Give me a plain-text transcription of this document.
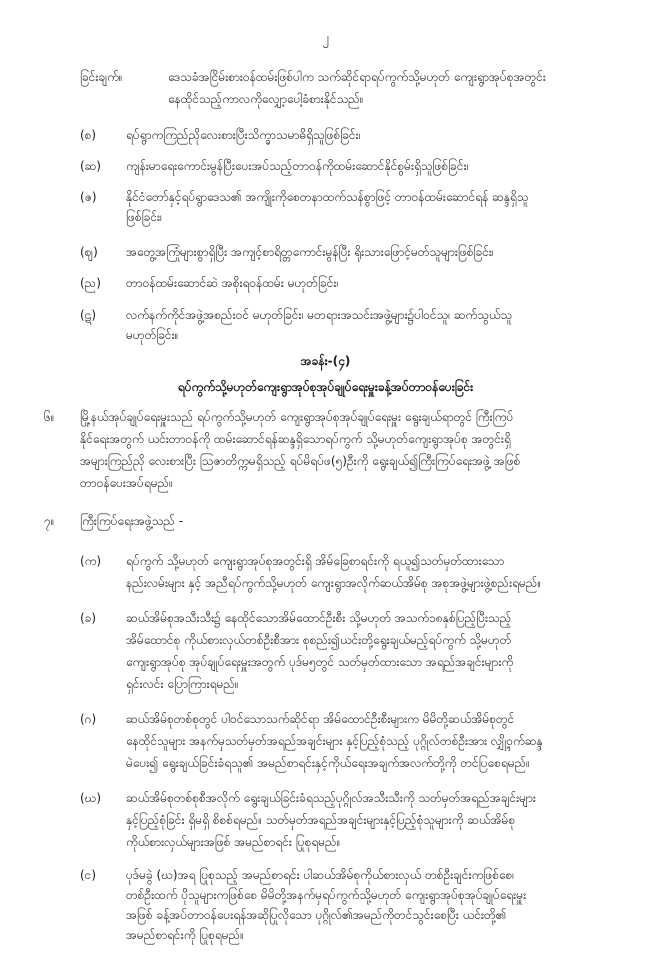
၂
ခြင်းချက်။	ဒေသခံအငြိမ်းစားဝန်ထမ်းဖြစ်ပါက သက်ဆိုင်ရာရပ်ကွက်သို့မဟုတ် ကျေးရွာအုပ်စုအတွင်း
နေထိုင်သည့်ကာလကိုလျှော့ပေါ့ခံစားနိုင်သည်။
(စ) ရပ်ရွာကကြည်ညိုလေးစားပြီးသိက္ခာသမာဓိရှိသူဖြစ်ခြင်း၊
(ဆ) ကျန်းမာရေးကောင်းမွန်ပြီးပေးအပ်သည့်တာဝန်ကိုထမ်းဆောင်နိုင်စွမ်းရှိသူဖြစ်ခြင်း၊
(ဇ) နိုင်ငံတော်နှင့်ရပ်ရွာဒေသ၏ အကျိုးကိုစေတနာထက်သန်စွာဖြင့် တာဝန်ထမ်းဆောင်ရန် ဆန္ဒရှိသူ
ဖြစ်ခြင်း၊
(ဈ) အတွေ့အကြုံများစွာရှိပြီး အကျင့်စာရိတ္တကောင်းမွန်ပြီး ရိုးသားဖြောင့်မတ်သူများဖြစ်ခြင်း၊
(ည) တာဝန်ထမ်းဆောင်ဆဲ အစိုးရဝန်ထမ်း မဟုတ်ခြင်း၊
(ဋ) လက်နက်ကိုင်အဖွဲ့အစည်းဝင် မဟုတ်ခြင်း၊ မတရားအသင်းအဖွဲ့များ၌ပါဝင်သူ၊ ဆက်သွယ်သူ
မဟုတ်ခြင်း။
အခန်း-(၄)
ရပ်ကွက်သို့မဟုတ်ကျေးရွာအုပ်စုအုပ်ချုပ်ရေးမှူးခန့်အပ်တာဝန်ပေးခြင်း
၆။ မြို့နယ်အုပ်ချုပ်ရေးမှူးသည် ရပ်ကွက်သို့မဟုတ် ကျေးရွာအုပ်စုအုပ်ချုပ်ရေးမှူး ရွေးချယ်ရာတွင် ကြီးကြပ်
နိုင်ရေးအတွက် ယင်းတာဝန်ကို ထမ်းဆောင်ရန်ဆန္ဒရှိသောရပ်ကွက် သို့မဟုတ်ကျေးရွာအုပ်စု အတွင်းရှိ
အများကြည်ညို လေးစားပြီး သြဇာတိက္ကမရှိသည့် ရပ်မိရပ်ဖ(၅)ဦးကို ရွေးချယ်၍ကြီးကြပ်ရေးအဖွဲ့ အဖြစ်
တာဝန်ပေးအပ်ရမည်။
၇။ ကြီးကြပ်ရေးအဖွဲ့သည် -
(က) ရပ်ကွက် သို့မဟုတ် ကျေးရွာအုပ်စုအတွင်းရှိ အိမ်ခြေစာရင်းကို ရယူ၍သတ်မှတ်ထားသော
နည်းလမ်းများ နှင့် အညီရပ်ကွက်သို့မဟုတ် ကျေးရွာအလိုက်ဆယ်အိမ်စု အစုအဖွဲ့များဖွဲ့စည်းရမည်။
(ခ) ဆယ်အိမ်စုအသီးသီး၌ နေထိုင်သောအိမ်ထောင်ဦးစီး သို့မဟုတ် အသက်၁၈နှစ်ပြည့်ပြီးသည့်
အိမ်ထောင်စု ကိုယ်စားလှယ်တစ်ဦးစီအား စုစည်း၍ယင်းတို့ရွေးချယ်မည့်ရပ်ကွက် သို့မဟုတ်
ကျေးရွာအုပ်စု အုပ်ချုပ်ရေးမှူးအတွက် ပုဒ်မ၅တွင် သတ်မှတ်ထားသော အရည်အချင်းများကို
ရှင်းလင်း ပြောကြားရမည်။
(ဂ) ဆယ်အိမ်စုတစ်စုတွင် ပါဝင်သောသက်ဆိုင်ရာ အိမ်ထောင်ဦးစီးများက မိမိတို့ဆယ်အိမ်စုတွင်
နေထိုင်သူများ အနက်မှသတ်မှတ်အရည်အချင်းများ နှင့်ပြည့်စုံသည့် ပုဂ္ဂိုလ်တစ်ဦးအား လျှို့ဝှက်ဆန္ဒ
မဲပေး၍ ရွေးချယ်ခြင်းခံရသူ၏ အမည်စာရင်းနှင့်ကိုယ်ရေးအချက်အလက်တို့ကို တင်ပြစေရမည်။
(ဃ) ဆယ်အိမ်စုတစ်စုစီအလိုက် ရွေးချယ်ခြင်းခံရသည့်ပုဂ္ဂိုလ်အသီးသီးကို သတ်မှတ်အရည်အချင်းများ
နှင့်ပြည့်စုံခြင်း ရှိမရှိ စိစစ်ရမည်။ သတ်မှတ်အရည်အချင်းများနှင့်ပြည့်စုံသူများကို ဆယ်အိမ်စု
ကိုယ်စားလှယ်များအဖြစ် အမည်စာရင်း ပြုစုရမည်။
(င) ပုဒ်မခွဲ (ဃ)အရ ပြုစုသည့် အမည်စာရင်း ပါဆယ်အိမ်စုကိုယ်စားလှယ် တစ်ဦးချင်းကဖြစ်စေ၊
တစ်ဦးထက် ပိုသူများကဖြစ်စေ မိမိတို့အနက်မှရပ်ကွက်သို့မဟုတ် ကျေးရွာအုပ်စုအုပ်ချုပ်ရေးမှူး
အဖြစ် ခန့်အပ်တာဝန်ပေးရန်အဆိုပြုလိုသော ပုဂ္ဂိုလ်၏အမည်ကိုတင်သွင်းစေပြီး ယင်းတို့၏
အမည်စာရင်းကို ပြုစုရမည်။
